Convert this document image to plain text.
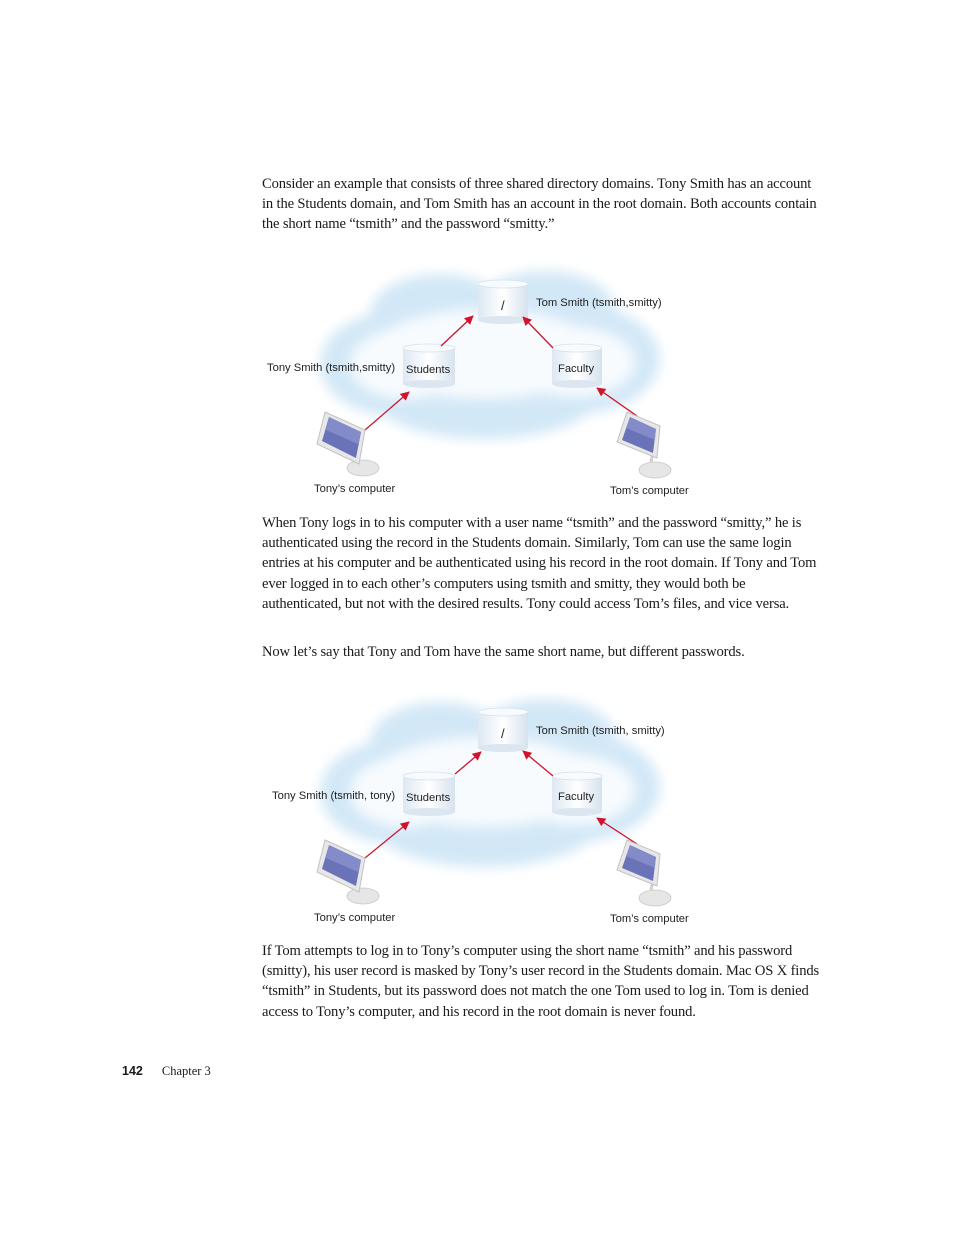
Consider an example that consists of three shared directory domains. Tony Smith has an account in the Students domain, and Tom Smith has an account in the root domain. Both accounts contain the short name “tsmith” and the password “smitty.”

/	Tom Smith (tsmith,smitty)
Students
Tony Smith (tsmith,smitty)	Faculty
Tony’s computer	Tom’s computer

When Tony logs in to his computer with a user name “tsmith” and the password “smitty,” he is authenticated using the record in the Students domain. Similarly, Tom can use the same login entries at his computer and be authenticated using his record in the root domain. If Tony and Tom ever logged in to each other’s computers using tsmith and smitty, they would both be authenticated, but not with the desired results. Tony could access Tom’s files, and vice versa.

Now let’s say that Tony and Tom have the same short name, but different passwords.

/	Tom Smith (tsmith, smitty)
Students
Tony Smith (tsmith, tony)	Faculty
Tony’s computer	Tom’s computer

If Tom attempts to log in to Tony’s computer using the short name “tsmith” and his password (smitty), his user record is masked by Tony’s user record in the Students domain. Mac OS X finds “tsmith” in Students, but its password does not match the one Tom used to log in. Tom is denied access to Tony’s computer, and his record in the root domain is never found.

142 Chapter 3
